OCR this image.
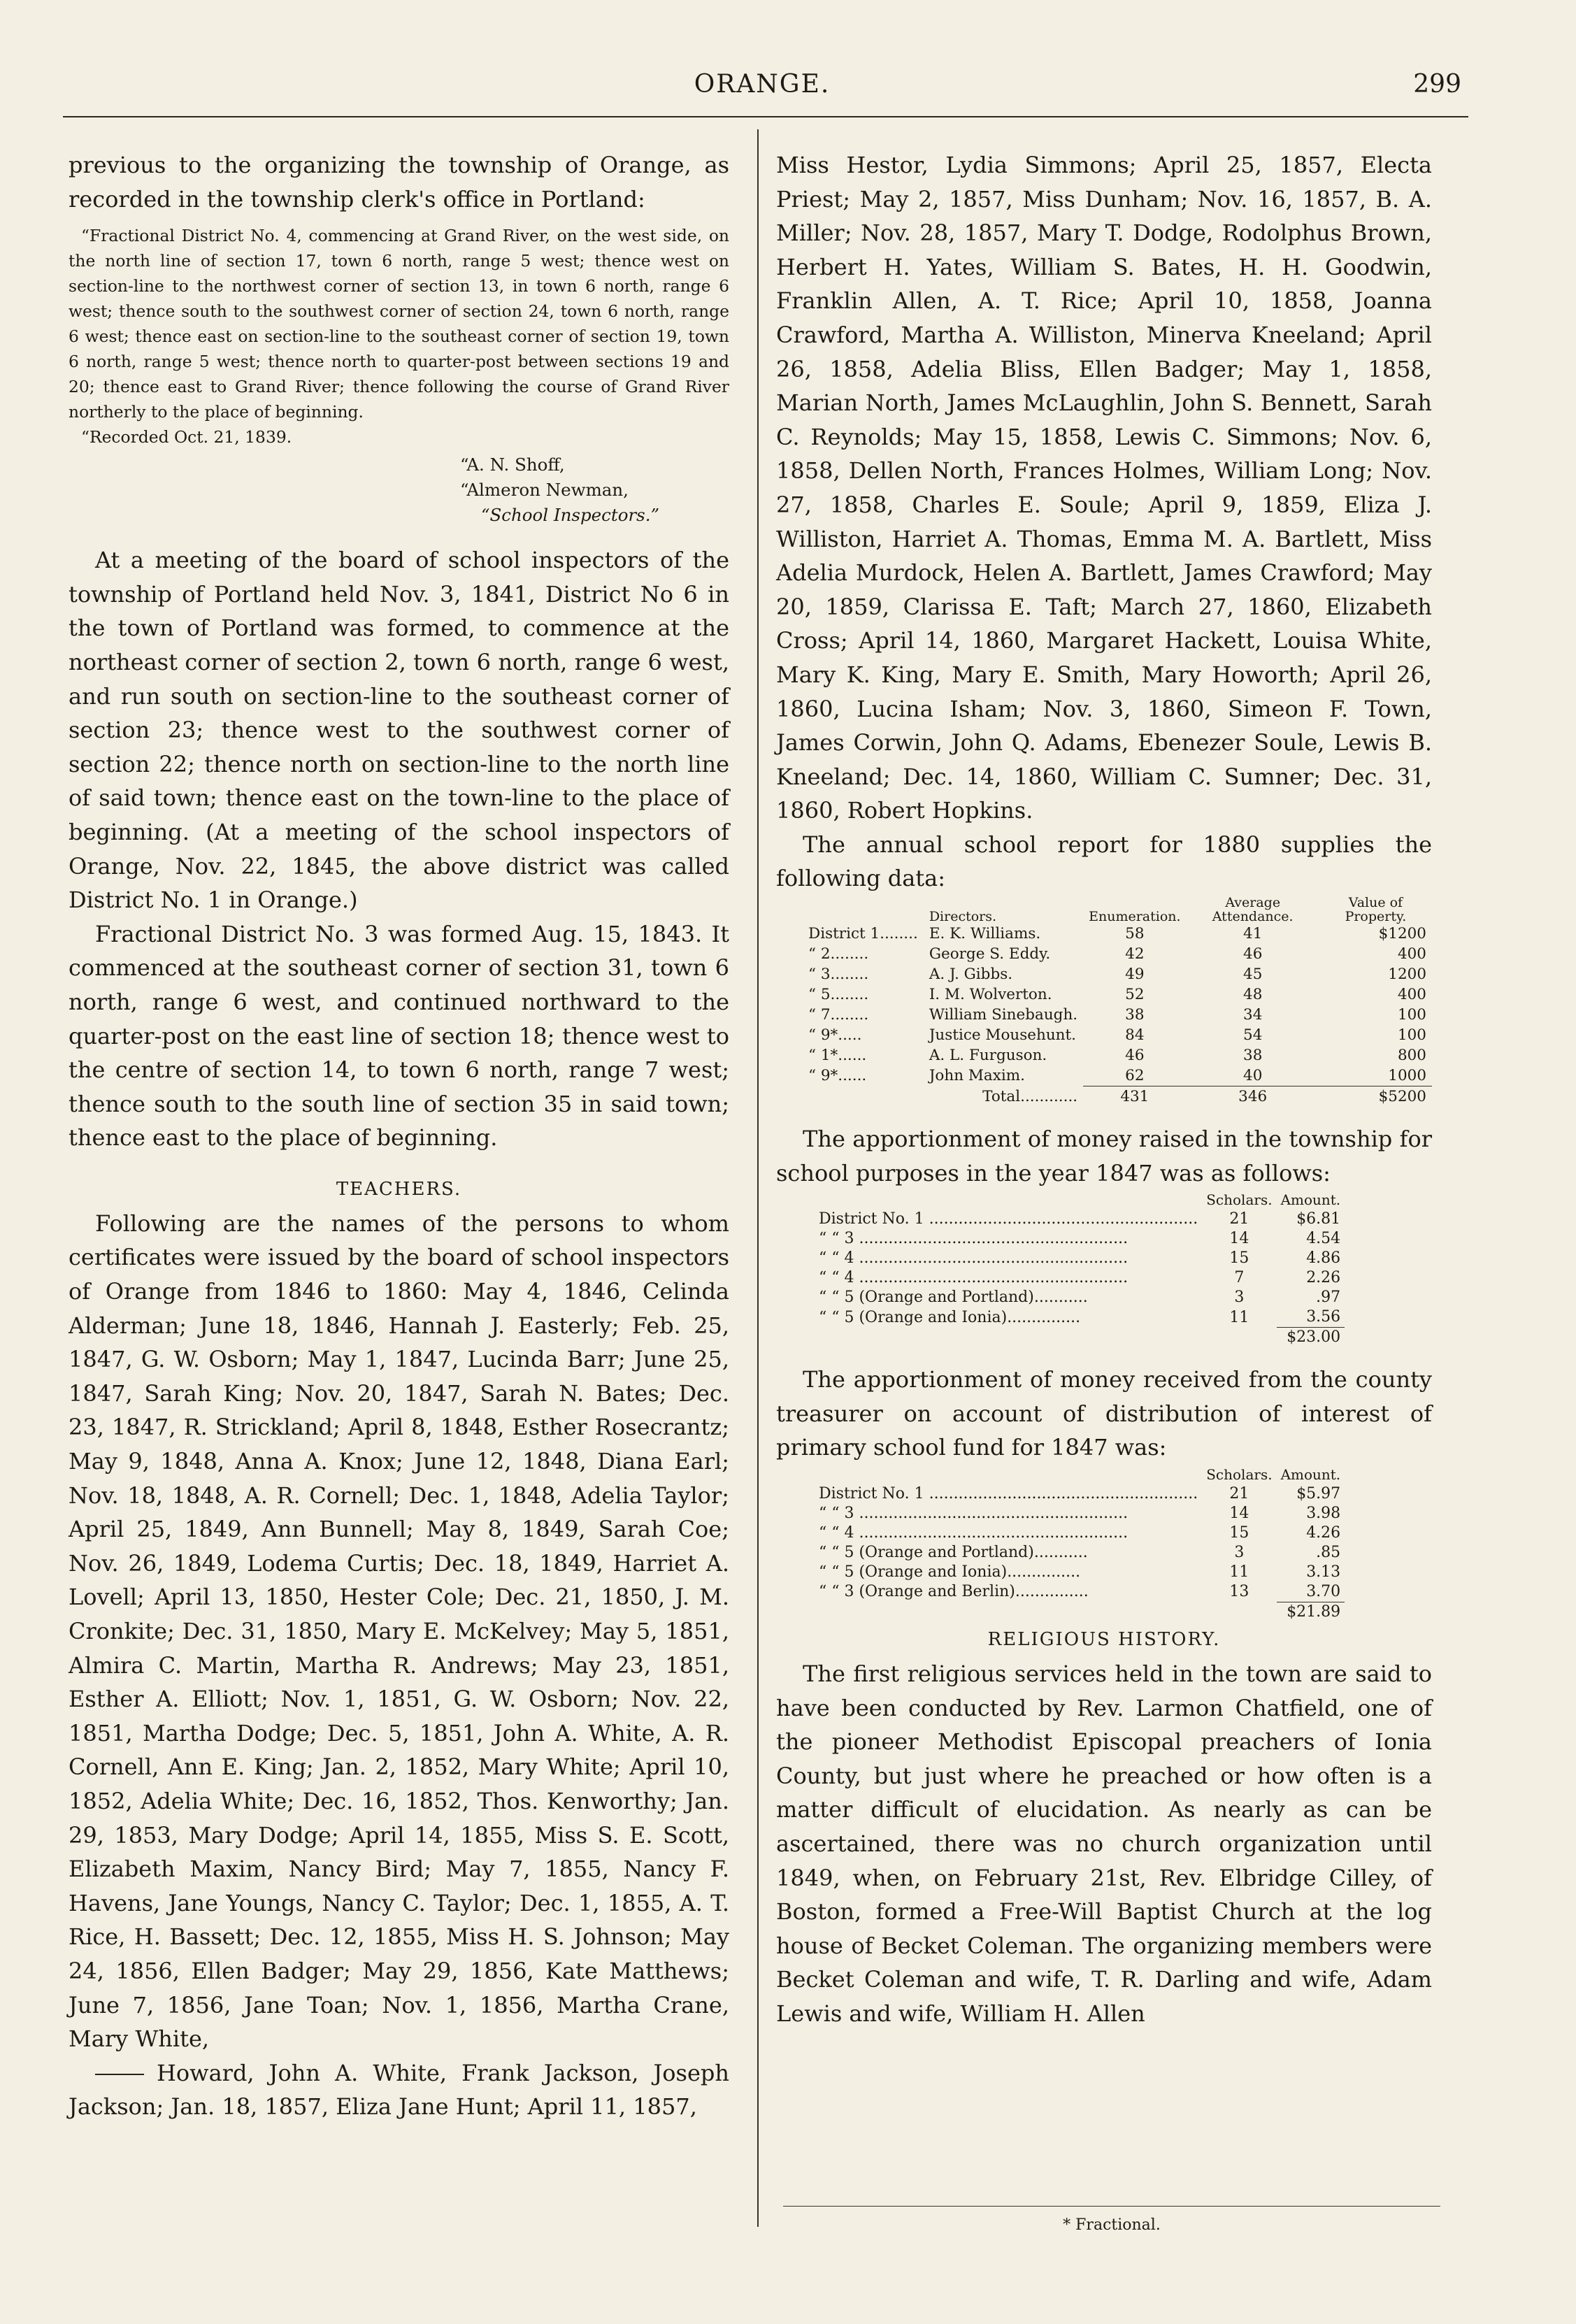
ORANGE.	299

previous to the organizing the township of Orange, as recorded in the township clerk's office in Portland:

“Fractional District No. 4, commencing at Grand River, on the west side, on the north line of section 17, town 6 north, range 5 west; thence west on section-line to the northwest corner of section 13, in town 6 north, range 6 west; thence south to the southwest corner of section 24, town 6 north, range 6 west; thence east on section-line to the southeast corner of section 19, town 6 north, range 5 west; thence north to quarter-post between sections 19 and 20; thence east to Grand River; thence following the course of Grand River northerly to the place of beginning.

“Recorded Oct. 21, 1839.

“A. N. Shoff,
“Almeron Newman,
“School Inspectors.”

At a meeting of the board of school inspectors of the township of Portland held Nov. 3, 1841, District No 6 in the town of Portland was formed, to commence at the northeast corner of section 2, town 6 north, range 6 west, and run south on section-line to the southeast corner of section 23; thence west to the southwest corner of section 22; thence north on section-line to the north line of said town; thence east on the town-line to the place of beginning. (At a meeting of the school inspectors of Orange, Nov. 22, 1845, the above district was called District No. 1 in Orange.)

Fractional District No. 3 was formed Aug. 15, 1843. It commenced at the southeast corner of section 31, town 6 north, range 6 west, and continued northward to the quarter-post on the east line of section 18; thence west to the centre of section 14, to town 6 north, range 7 west; thence south to the south line of section 35 in said town; thence east to the place of beginning.

TEACHERS.

Following are the names of the persons to whom certificates were issued by the board of school inspectors of Orange from 1846 to 1860: May 4, 1846, Celinda Alderman; June 18, 1846, Hannah J. Easterly; Feb. 25, 1847, G. W. Osborn; May 1, 1847, Lucinda Barr; June 25, 1847, Sarah King; Nov. 20, 1847, Sarah N. Bates; Dec. 23, 1847, R. Strickland; April 8, 1848, Esther Rosecrantz; May 9, 1848, Anna A. Knox; June 12, 1848, Diana Earl; Nov. 18, 1848, A. R. Cornell; Dec. 1, 1848, Adelia Taylor; April 25, 1849, Ann Bunnell; May 8, 1849, Sarah Coe; Nov. 26, 1849, Lodema Curtis; Dec. 18, 1849, Harriet A. Lovell; April 13, 1850, Hester Cole; Dec. 21, 1850, J. M. Cronkite; Dec. 31, 1850, Mary E. McKelvey; May 5, 1851, Almira C. Martin, Martha R. Andrews; May 23, 1851, Esther A. Elliott; Nov. 1, 1851, G. W. Osborn; Nov. 22, 1851, Martha Dodge; Dec. 5, 1851, John A. White, A. R. Cornell, Ann E. King; Jan. 2, 1852, Mary White; April 10, 1852, Adelia White; Dec. 16, 1852, Thos. Kenworthy; Jan. 29, 1853, Mary Dodge; April 14, 1855, Miss S. E. Scott, Elizabeth Maxim, Nancy Bird; May 7, 1855, Nancy F. Havens, Jane Youngs, Nancy C. Taylor; Dec. 1, 1855, A. T. Rice, H. Bassett; Dec. 12, 1855, Miss H. S. Johnson; May 24, 1856, Ellen Badger; May 29, 1856, Kate Matthews; June 7, 1856, Jane Toan; Nov. 1, 1856, Martha Crane, Mary White,

Howard, John A. White, Frank Jackson, Joseph Jackson; Jan. 18, 1857, Eliza Jane Hunt; April 11, 1857,

Miss Hestor, Lydia Simmons; April 25, 1857, Electa Priest; May 2, 1857, Miss Dunham; Nov. 16, 1857, B. A. Miller; Nov. 28, 1857, Mary T. Dodge, Rodolphus Brown, Herbert H. Yates, William S. Bates, H. H. Goodwin, Franklin Allen, A. T. Rice; April 10, 1858, Joanna Crawford, Martha A. Williston, Minerva Kneeland; April 26, 1858, Adelia Bliss, Ellen Badger; May 1, 1858, Marian North, James McLaughlin, John S. Bennett, Sarah C. Reynolds; May 15, 1858, Lewis C. Simmons; Nov. 6, 1858, Dellen North, Frances Holmes, William Long; Nov. 27, 1858, Charles E. Soule; April 9, 1859, Eliza J. Williston, Harriet A. Thomas, Emma M. A. Bartlett, Miss Adelia Murdock, Helen A. Bartlett, James Crawford; May 20, 1859, Clarissa E. Taft; March 27, 1860, Elizabeth Cross; April 14, 1860, Margaret Hackett, Louisa White, Mary K. King, Mary E. Smith, Mary Howorth; April 26, 1860, Lucina Isham; Nov. 3, 1860, Simeon F. Town, James Corwin, John Q. Adams, Ebenezer Soule, Lewis B. Kneeland; Dec. 14, 1860, William C. Sumner; Dec. 31, 1860, Robert Hopkins.

The annual school report for 1880 supplies the following data:

	Directors.	Enumeration.	Average Attendance.	Value of Property.
District 1........	E. K. Williams.	58	41	$1200
“ 2........	George S. Eddy.	42	46	400
“ 3........	A. J. Gibbs.	49	45	1200
“ 5........	I. M. Wolverton.	52	48	400
“ 7........	William Sinebaugh.	38	34	100
“ 9*.....	Justice Mousehunt.	84	54	100
“ 1*......	A. L. Furguson.	46	38	800
“ 9*......	John Maxim.	62	40	1000
	Total............	431	346	$5200

The apportionment of money raised in the township for school purposes in the year 1847 was as follows:

	Scholars.	Amount.
District No. 1 .......................................................	21	$6.81
“ “ 3 .......................................................	14	4.54
“ “ 4 .......................................................	15	4.86
“ “ 4 .......................................................	7	2.26
“ “ 5 (Orange and Portland)...........	3	.97
“ “ 5 (Orange and Ionia)...............	11	3.56
		$23.00

The apportionment of money received from the county treasurer on account of distribution of interest of primary school fund for 1847 was:

	Scholars.	Amount.
District No. 1 .......................................................	21	$5.97
“ “ 3 .......................................................	14	3.98
“ “ 4 .......................................................	15	4.26
“ “ 5 (Orange and Portland)...........	3	.85
“ “ 5 (Orange and Ionia)...............	11	3.13
“ “ 3 (Orange and Berlin)...............	13	3.70
		$21.89
RELIGIOUS HISTORY.

The first religious services held in the town are said to have been conducted by Rev. Larmon Chatfield, one of the pioneer Methodist Episcopal preachers of Ionia County, but just where he preached or how often is a matter difficult of elucidation. As nearly as can be ascertained, there was no church organization until 1849, when, on February 21st, Rev. Elbridge Cilley, of Boston, formed a Free-Will Baptist Church at the log house of Becket Coleman. The organizing members were Becket Coleman and wife, T. R. Darling and wife, Adam Lewis and wife, William H. Allen

* Fractional.
